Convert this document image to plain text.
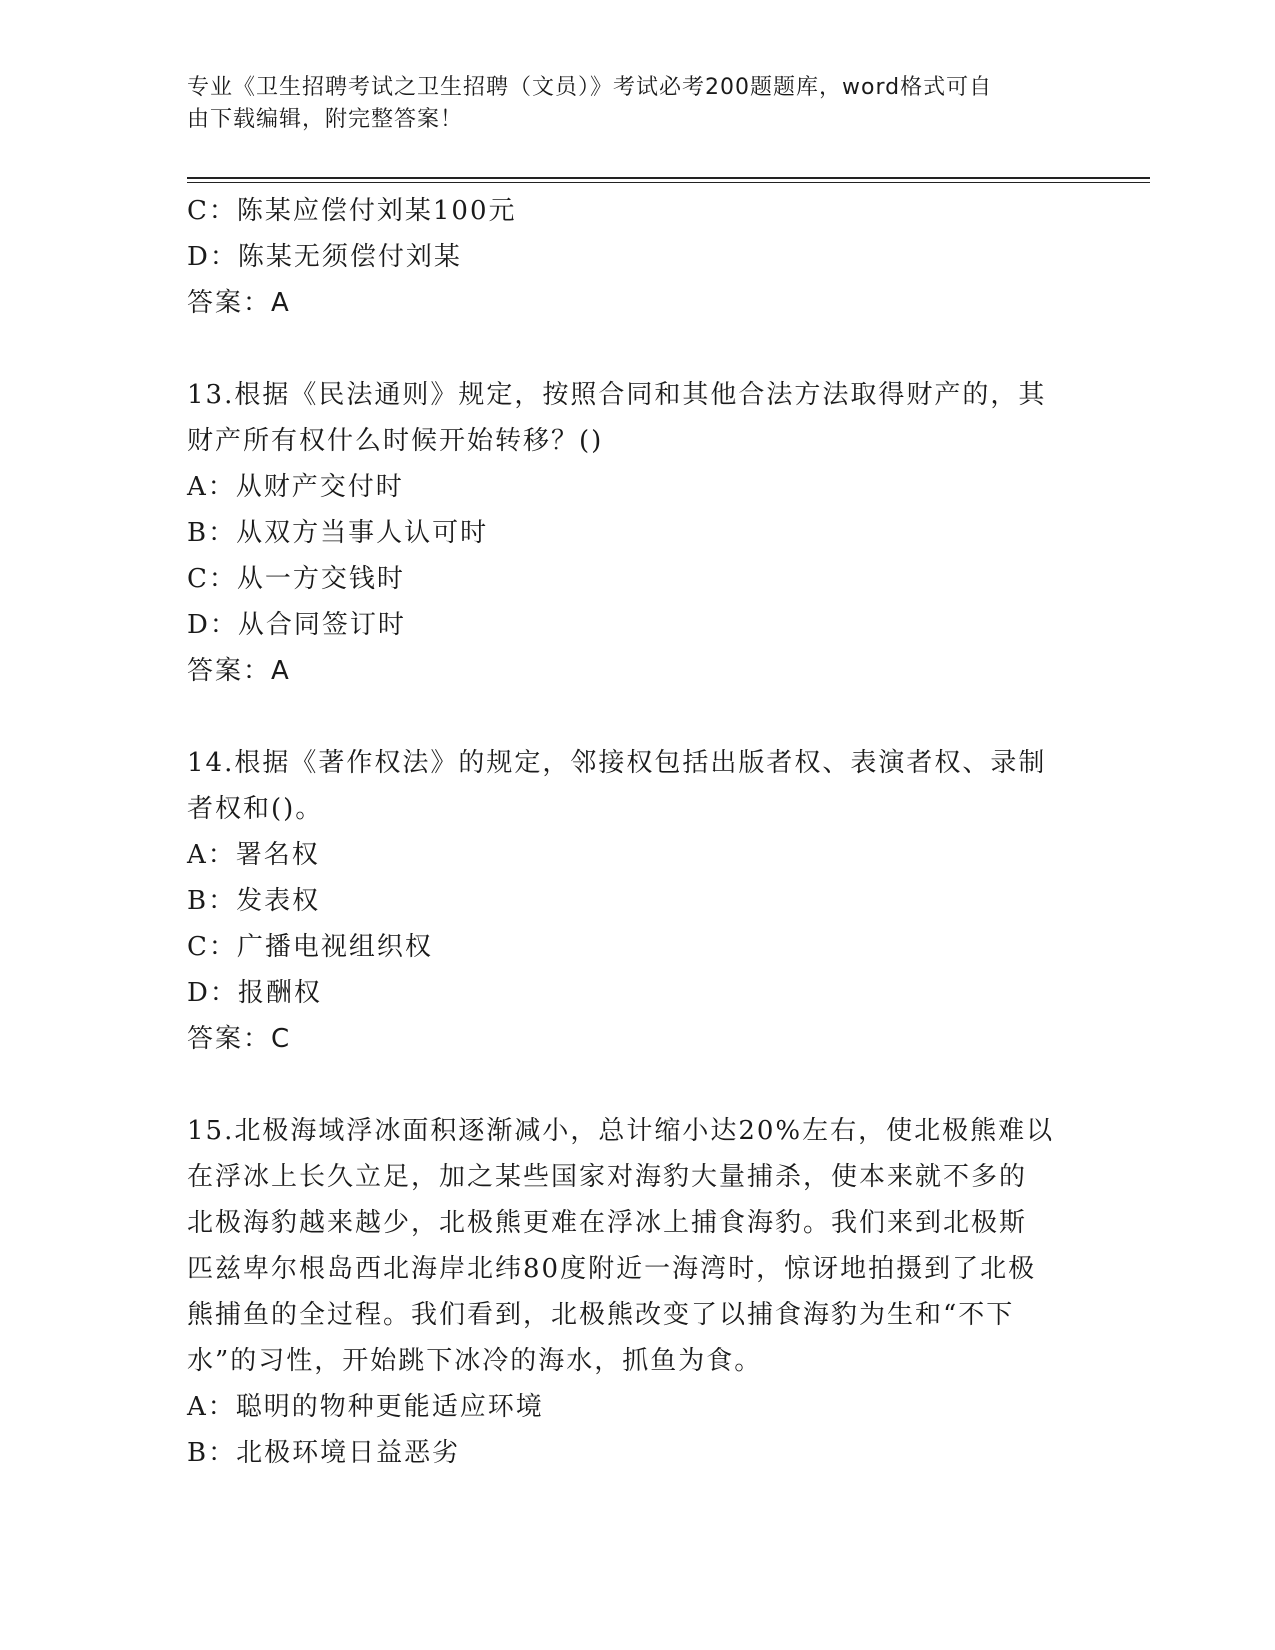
专业《卫生招聘考试之卫生招聘（文员）》考试必考200题题库，word格式可自
由下载编辑，附完整答案！
C：陈某应偿付刘某100元
D：陈某无须偿付刘某
答案：A
13.根据《民法通则》规定，按照合同和其他合法方法取得财产的，其
财产所有权什么时候开始转移？()
A：从财产交付时
B：从双方当事人认可时
C：从一方交钱时
D：从合同签订时
答案：A
14.根据《著作权法》的规定，邻接权包括出版者权、表演者权、录制
者权和()。
A：署名权
B：发表权
C：广播电视组织权
D：报酬权
答案：C
15.北极海域浮冰面积逐渐减小，总计缩小达20%左右，使北极熊难以
在浮冰上长久立足，加之某些国家对海豹大量捕杀，使本来就不多的
北极海豹越来越少，北极熊更难在浮冰上捕食海豹。我们来到北极斯
匹兹卑尔根岛西北海岸北纬80度附近一海湾时，惊讶地拍摄到了北极
熊捕鱼的全过程。我们看到，北极熊改变了以捕食海豹为生和“不下
水”的习性，开始跳下冰冷的海水，抓鱼为食。
A：聪明的物种更能适应环境
B：北极环境日益恶劣
